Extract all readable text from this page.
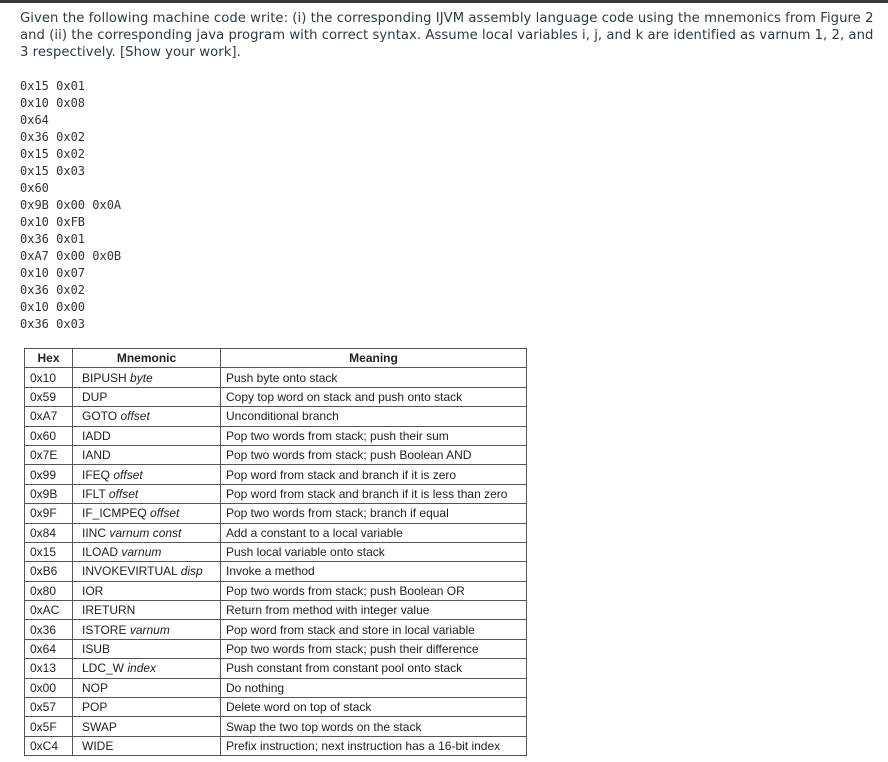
Given the following machine code write: (i) the corresponding IJVM assembly language code using the mnemonics from Figure 2 and (ii) the corresponding java program with correct syntax. Assume local variables i, j, and k are identified as varnum 1, 2, and 3 respectively. [Show your work].

0x15 0x01
0x10 0x08
0x64
0x36 0x02
0x15 0x02
0x15 0x03
0x60
0x9B 0x00 0x0A
0x10 0xFB
0x36 0x01
0xA7 0x00 0x0B
0x10 0x07
0x36 0x02
0x10 0x00
0x36 0x03
Hex	Mnemonic	Meaning
0x10	BIPUSH byte	Push byte onto stack
0x59	DUP	Copy top word on stack and push onto stack
0xA7	GOTO offset	Unconditional branch
0x60	IADD	Pop two words from stack; push their sum
0x7E	IAND	Pop two words from stack; push Boolean AND
0x99	IFEQ offset	Pop word from stack and branch if it is zero
0x9B	IFLT offset	Pop word from stack and branch if it is less than zero
0x9F	IF_ICMPEQ offset	Pop two words from stack; branch if equal
0x84	IINC varnum const	Add a constant to a local variable
0x15	ILOAD varnum	Push local variable onto stack
0xB6	INVOKEVIRTUAL disp	Invoke a method
0x80	IOR	Pop two words from stack; push Boolean OR
0xAC	IRETURN	Return from method with integer value
0x36	ISTORE varnum	Pop word from stack and store in local variable
0x64	ISUB	Pop two words from stack; push their difference
0x13	LDC_W index	Push constant from constant pool onto stack
0x00	NOP	Do nothing
0x57	POP	Delete word on top of stack
0x5F	SWAP	Swap the two top words on the stack
0xC4	WIDE	Prefix instruction; next instruction has a 16-bit index
